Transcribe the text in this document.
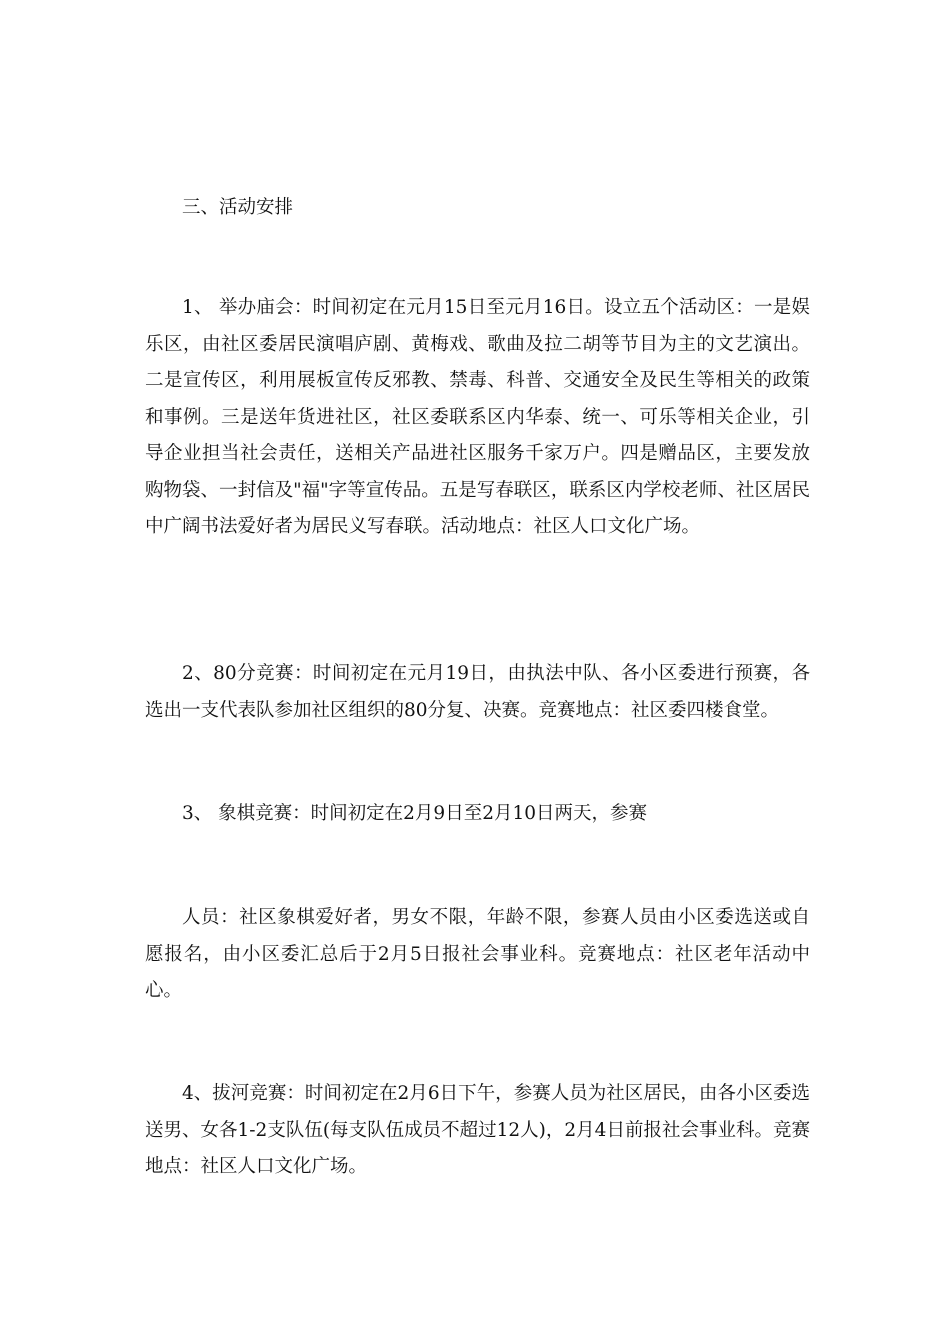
三、活动安排

1、 举办庙会：时间初定在元月15日至元月16日。设立五个活动区：一是娱乐区，由社区委居民演唱庐剧、黄梅戏、歌曲及拉二胡等节目为主的文艺演出。二是宣传区，利用展板宣传反邪教、禁毒、科普、交通安全及民生等相关的政策和事例。三是送年货进社区，社区委联系区内华泰、统一、可乐等相关企业，引导企业担当社会责任，送相关产品进社区服务千家万户。四是赠品区，主要发放购物袋、一封信及"福"字等宣传品。五是写春联区，联系区内学校老师、社区居民中广阔书法爱好者为居民义写春联。活动地点：社区人口文化广场。

2、80分竞赛：时间初定在元月19日，由执法中队、各小区委进行预赛，各选出一支代表队参加社区组织的80分复、决赛。竞赛地点：社区委四楼食堂。

3、 象棋竞赛：时间初定在2月9日至2月10日两天，参赛

人员：社区象棋爱好者，男女不限，年龄不限，参赛人员由小区委选送或自愿报名，由小区委汇总后于2月5日报社会事业科。竞赛地点：社区老年活动中心。

4、拔河竞赛：时间初定在2月6日下午，参赛人员为社区居民，由各小区委选送男、女各1-2支队伍(每支队伍成员不超过12人)，2月4日前报社会事业科。竞赛地点：社区人口文化广场。
